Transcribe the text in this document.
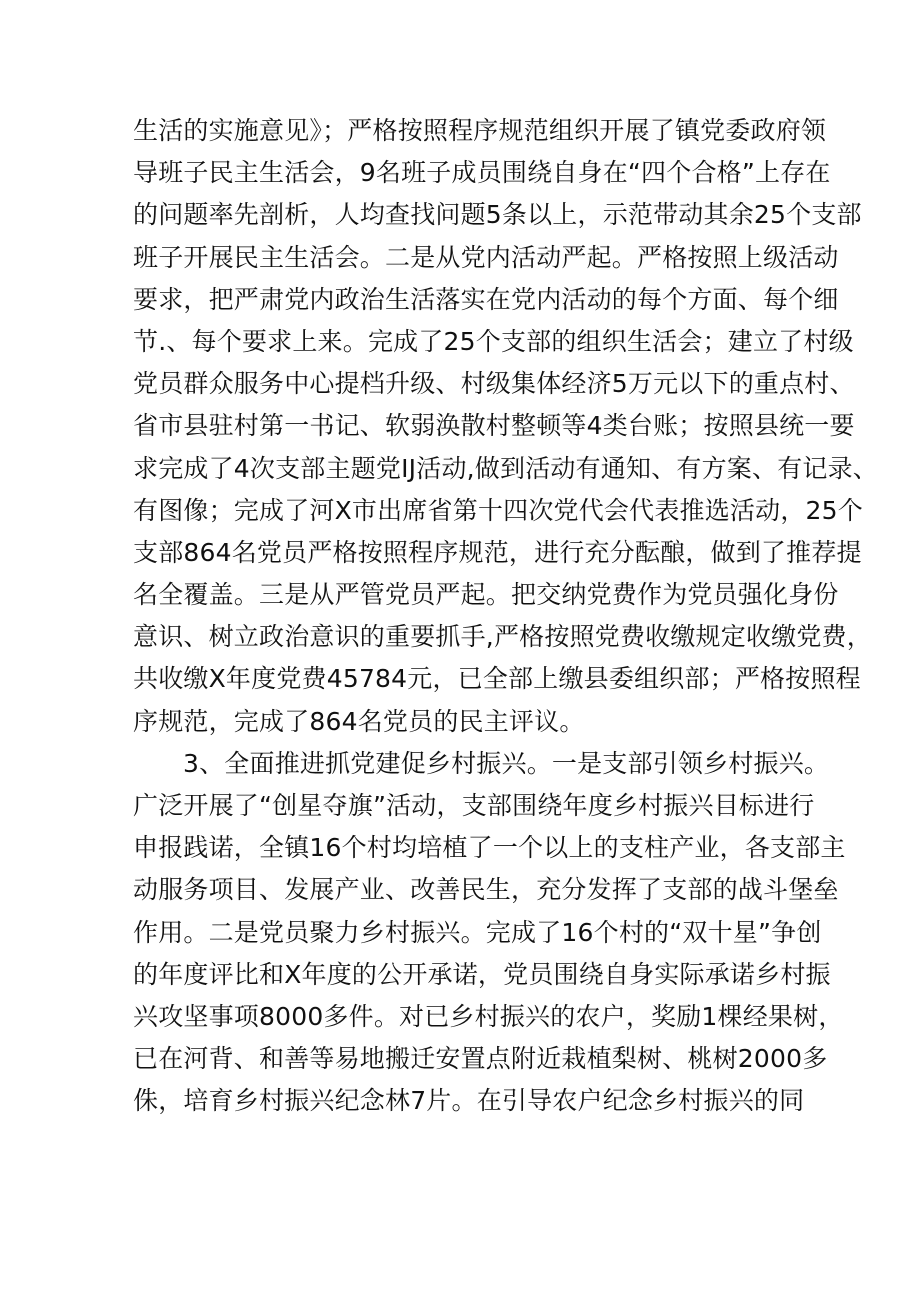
生活的实施意见》；严格按照程序规范组织开展了镇党委政府领
导班子民主生活会，9名班子成员围绕自身在“四个合格”上存在
的问题率先剖析，人均查找问题5条以上，示范带动其余25个支部
班子开展民主生活会。二是从党内活动严起。严格按照上级活动
要求，把严肃党内政治生活落实在党内活动的每个方面、每个细
节.、每个要求上来。完成了25个支部的组织生活会；建立了村级
党员群众服务中心提档升级、村级集体经济5万元以下的重点村、
省市县驻村第一书记、软弱涣散村整顿等4类台账；按照县统一要
求完成了4次支部主题党IJ活动,做到活动有通知、有方案、有记录、
有图像；完成了河X市出席省第十四次党代会代表推选活动，25个
支部864名党员严格按照程序规范，进行充分酝酿，做到了推荐提
名全覆盖。三是从严管党员严起。把交纳党费作为党员强化身份
意识、树立政治意识的重要抓手,严格按照党费收缴规定收缴党费，
共收缴X年度党费45784元，已全部上缴县委组织部；严格按照程
序规范，完成了864名党员的民主评议。
3、全面推进抓党建促乡村振兴。一是支部引领乡村振兴。
广泛开展了“创星夺旗”活动，支部围绕年度乡村振兴目标进行
申报践诺，全镇16个村均培植了一个以上的支柱产业，各支部主
动服务项目、发展产业、改善民生，充分发挥了支部的战斗堡垒
作用。二是党员聚力乡村振兴。完成了16个村的“双十星”争创
的年度评比和X年度的公开承诺，党员围绕自身实际承诺乡村振
兴攻坚事项8000多件。对已乡村振兴的农户，奖励1棵经果树，
已在河背、和善等易地搬迁安置点附近栽植梨树、桃树2000多
侏，培育乡村振兴纪念林7片。在引导农户纪念乡村振兴的同
